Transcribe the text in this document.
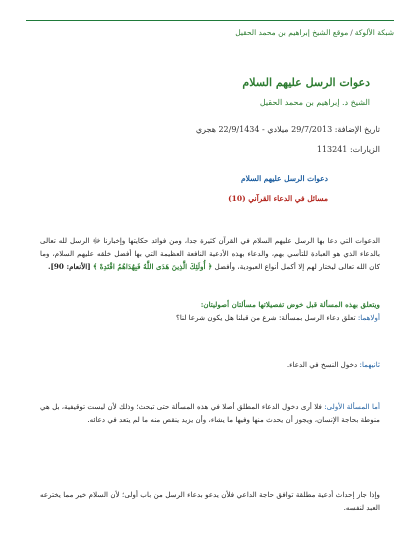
شبكة الألوكة/موقع الشيخ إبراهيم بن محمد الحقيل
دعوات الرسل عليهم السلام
الشيخ د. إبراهيم بن محمد الحقيل
تاريخ الإضافة: 29/7/2013 ميلادي - 22/9/1434 هجري
الزيارات: 113241
دعوات الرسل عليهم السلام
مسائل في الدعاء القرآني (10)
الدعوات التي دعا بها الرسل عليهم السلام في القرآن كثيرة جدا، ومن فوائد حكايتها وإخبارنا ﷻ الرسل لله تعالى بالدعاء الذي هو العبادة للتأسي بهم، والدعاء بهذه الأدعية النافعة العظيمة التي بها أفضل خلقه عليهم السلام، وما كان الله تعالى ليختار لهم إلا أكمل أنواع العبودية، وأفضل ﴿ أُولَئِكَ الَّذِينَ هَدَى اللَّهُ فَبِهُدَاهُمُ اقْتَدِهْ ﴾ [الأنعام: 90].
ويتعلق بهذه المسألة قبل خوض تفصيلاتها مسألتان أصوليتان:
أولاهما: تعلق دعاء الرسل بمسألة: شرع من قبلنا هل يكون شرعا لنا؟
ثانيهما: دخول النسخ في الدعاء.
أما المسألة الأولى: فلا أرى دخول الدعاء المطلق أصلا في هذه المسألة حتى تبحث؛ وذلك لأن ليست توقيفية، بل هي منوطة بحاجة الإنسان، ويجوز أن يحدث منها وفيها ما يشاء، وأن يزيد ينقص منه ما لم يتعد في دعائه.
وإذا جاز إحداث أدعية مطلقة توافق حاجة الداعي فلأن يدعو بدعاء الرسل من باب أولى؛ لأن السلام خير مما يخترعه العبد لنفسه.
